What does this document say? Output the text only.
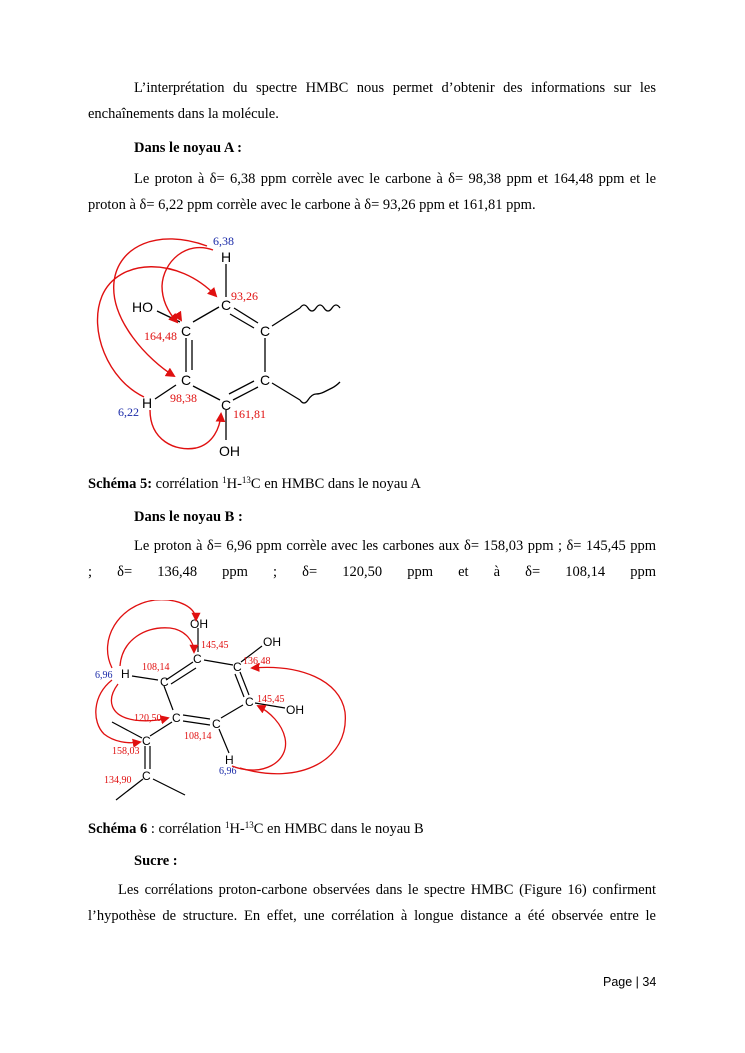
L’interprétation du spectre HMBC nous permet d’obtenir des informations sur les
enchaînements dans la molécule.
Dans le noyau A :
Le proton à δ= 6,38 ppm corrèle avec le carbone à δ= 98,38 ppm et 164,48 ppm et le
proton à δ= 6,22 ppm corrèle avec le carbone à δ= 93,26 ppm et 161,81 ppm.
H
C
C
C
C
C
C
HO
H
OH
6,38
6,22
93,26
164,48
98,38
161,81
Schéma 5: corrélation $^1$H-$^{13}$C en HMBC dans le noyau A
Dans le noyau B :
Le proton à δ= 6,96 ppm corrèle avec les carbones aux δ= 158,03 ppm ; δ= 145,45 ppm
; δ= 136,48 ppm ; δ= 120,50 ppm et à δ= 108,14 ppm
OH
OH
OH
C
C
C
C
C
C
C
C
H
H
6,96
6,96
145,45
136,48
145,45
108,14
120,50
108,14
158,03
134,90
Schéma 6 : corrélation $^1$H-$^{13}$C en HMBC dans le noyau B
Sucre :
Les corrélations proton-carbone observées dans le spectre HMBC (Figure 16) confirment
l’hypothèse de structure. En effet, une corrélation à longue distance a été observée entre le
Page | 34
